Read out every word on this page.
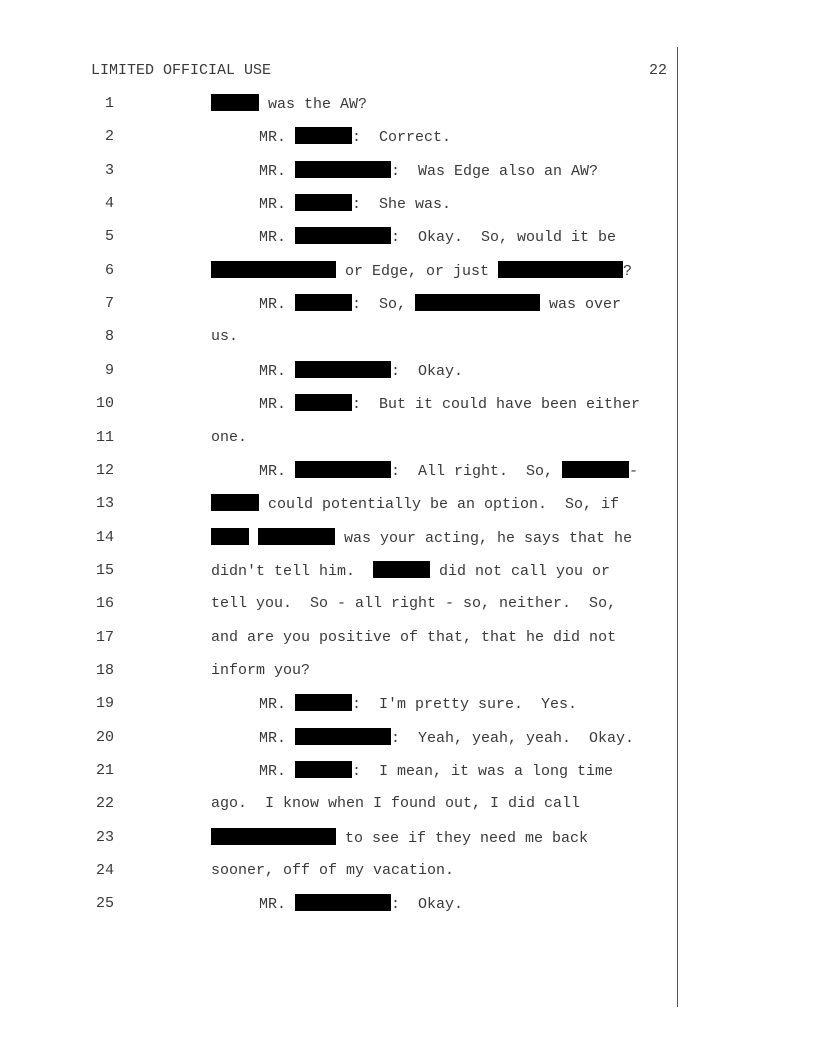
LIMITED OFFICIAL USE	22
1	was the AW?
2	MR.	:  Correct.
3	MR.	:  Was Edge also an AW?
4	MR.	:  She was.
5	MR.	:  Okay.  So, would it be
6	or Edge, or just	?
7	MR.	:  So,	was over
8	us.
9	MR.	:  Okay.
10	MR.	:  But it could have been either
11	one.
12	MR.	:  All right.  So,	-
13	could potentially be an option.  So, if
14	was your acting, he says that he
15	didn't tell him.	did not call you or
16	tell you.  So - all right - so, neither.  So,
17	and are you positive of that, that he did not
18	inform you?
19	MR.	:  I'm pretty sure.  Yes.
20	MR.	:  Yeah, yeah, yeah.  Okay.
21	MR.	:  I mean, it was a long time
22	ago.  I know when I found out, I did call
23	to see if they need me back
24	sooner, off of my vacation.
25	MR.	:  Okay.
